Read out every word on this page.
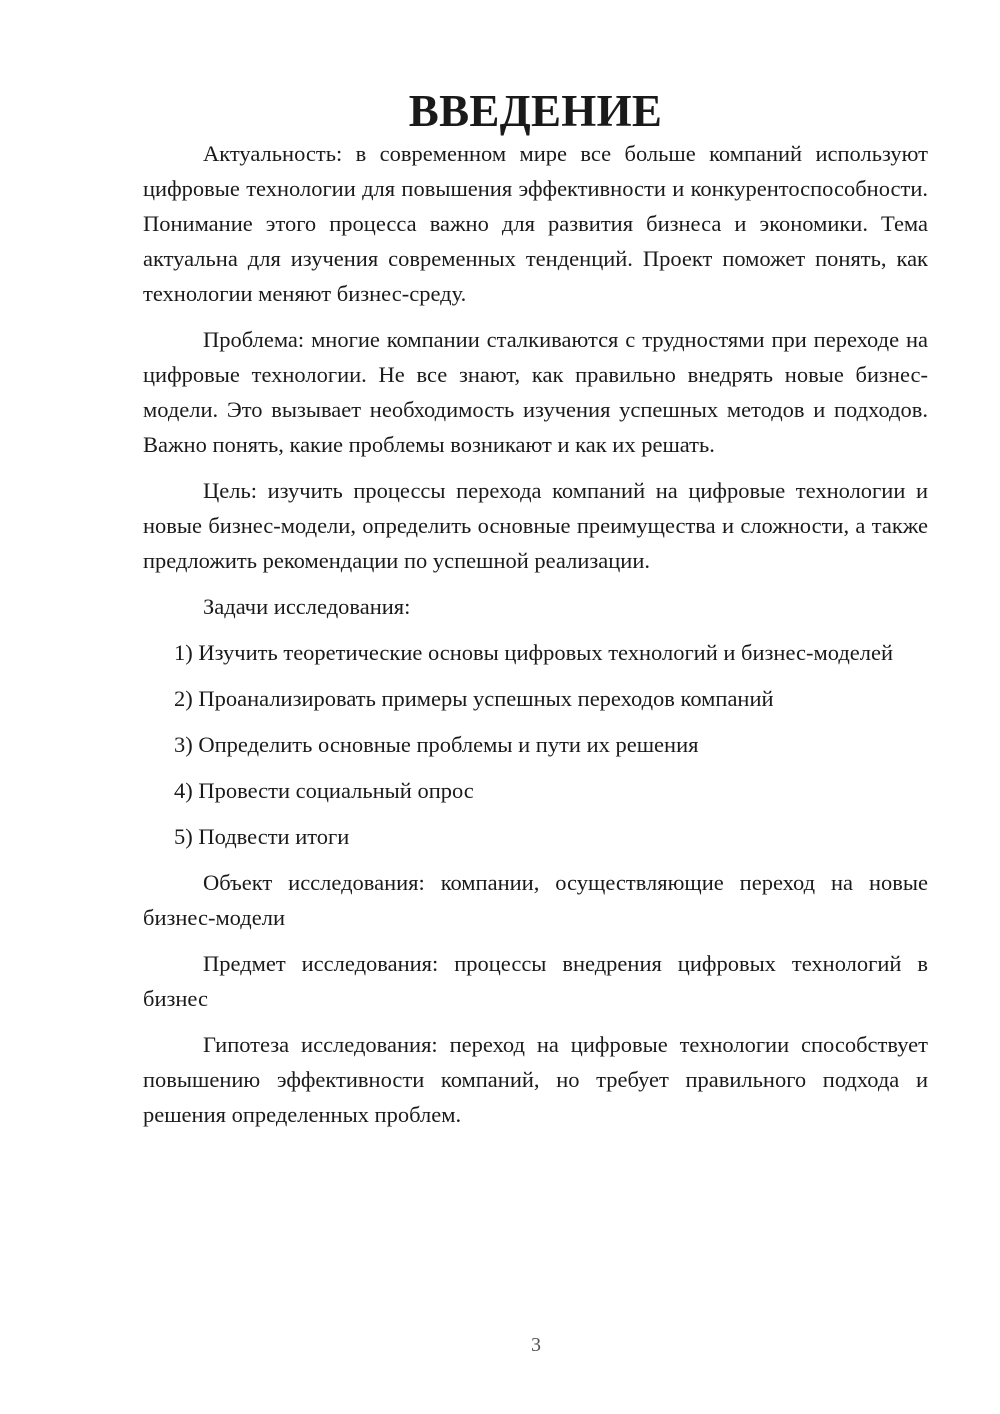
ВВЕДЕНИЕ

Актуальность: в современном мире все больше компаний используют цифровые технологии для повышения эффективности и конкурентоспособности. Понимание этого процесса важно для развития бизнеса и экономики. Тема актуальна для изучения современных тенденций. Проект поможет понять, как технологии меняют бизнес-среду.

Проблема: многие компании сталкиваются с трудностями при переходе на цифровые технологии. Не все знают, как правильно внедрять новые бизнес-модели. Это вызывает необходимость изучения успешных методов и подходов. Важно понять, какие проблемы возникают и как их решать.

Цель: изучить процессы перехода компаний на цифровые технологии и новые бизнес-модели, определить основные преимущества и сложности, а также предложить рекомендации по успешной реализации.

Задачи исследования:

1) Изучить теоретические основы цифровых технологий и бизнес-моделей

2) Проанализировать примеры успешных переходов компаний

3) Определить основные проблемы и пути их решения

4) Провести социальный опрос

5) Подвести итоги

Объект исследования: компании, осуществляющие переход на новые бизнес-модели

Предмет исследования: процессы внедрения цифровых технологий в бизнес

Гипотеза исследования: переход на цифровые технологии способствует повышению эффективности компаний, но требует правильного подхода и решения определенных проблем.

3
